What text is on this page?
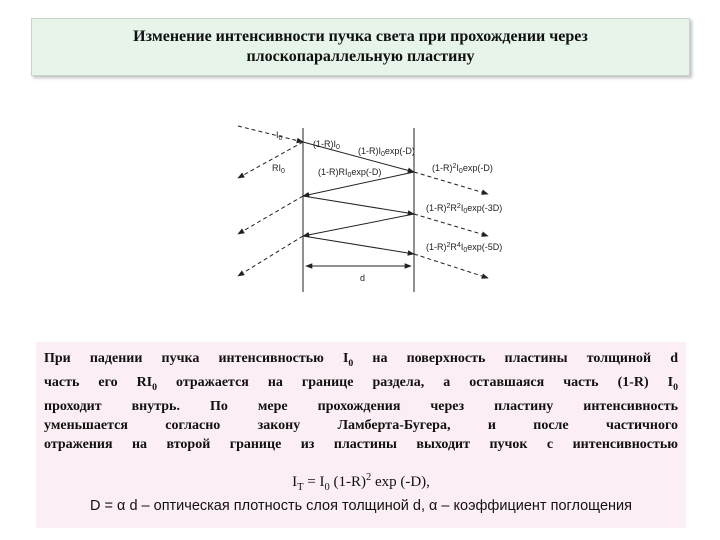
Изменение интенсивности пучка света при прохождении через
плоскопараллельную пластину
$I_0$
$RI_0$
$(1-R)I_0$ $(1-R)I_0\exp(-D)$
$(1-R)RI_0\exp(-D)$	$(1-R)^2I_0\exp(-D)$
$(1-R)^2R^2I_0\exp(-3D)$
$(1-R)^2R^4I_0\exp(-5D)$
d
При падении пучка интенсивностью $I_0$ на поверхность пластины толщиной d
часть его $RI_0$ отражается на границе раздела, а оставшаяся часть (1-R) $I_0$
проходит внутрь. По мере прохождения через пластину интенсивность
уменьшается согласно закону Ламберта-Бугера, и после частичного
отражения на второй границе из пластины выходит пучок с интенсивностью
$I_T = I_0$ $(1-R)^2$ exp (-D),
D = α d – оптическая плотность слоя толщиной d, α – коэффициент поглощения
